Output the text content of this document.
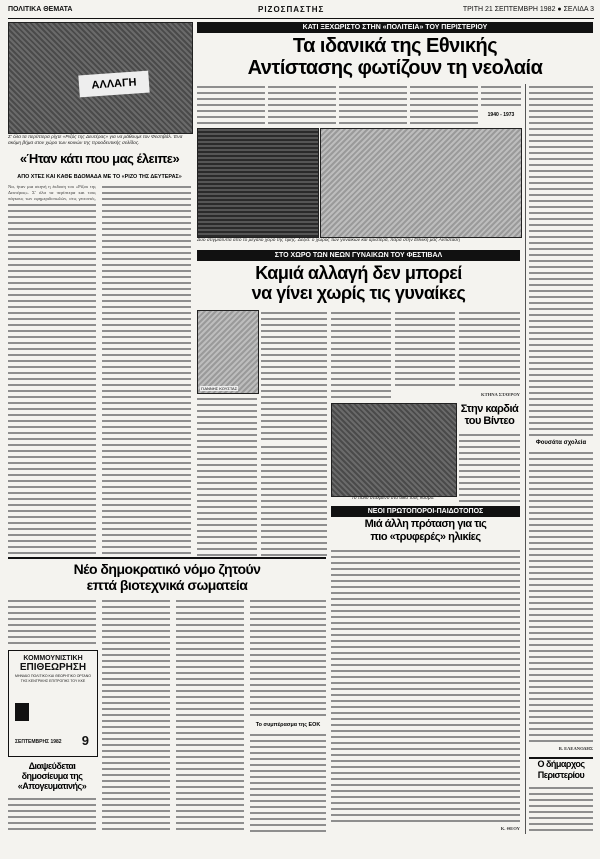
ΠΟΛΙΤΙΚΑ ΘΕΜΑΤΑ	ΡΙΖΟΣΠΑΣΤΗΣ	ΤΡΙΤΗ 21 ΣΕΠΤΕΜΒΡΗ 1982 ● ΣΕΛΙΔΑ 3
ΑΛΛΑΓΗ
Σ' όλα τα περίπτερα ρίχτε «Ριζός της Δευτέρας» για να μάθουμε τον Φεστιβάλ. Ένα ακόμη βήμα στον χώρο των κοινών της προοδευτικής σελίδος.
«Ήταν κάτι που μας έλειπε»
ΑΠΟ ΧΤΕΣ ΚΑΙ ΚΑΘΕ ΒΔΟΜΑΔΑ ΜΕ ΤΟ «ΡΙΖΟ ΤΗΣ ΔΕΥΤΕΡΑΣ»
Να, ήταν μια σκηνή η έκδοση του «Ρίζου της Δευτέρας». Σ' όλα τα περίπτερα και τους πάγκους των εφημεριδοπωλών, στις γειτονιές,
ΚΑΤΙ ΞΕΧΩΡΙΣΤΟ ΣΤΗΝ «ΠΟΛΙΤΕΙΑ» ΤΟΥ ΠΕΡΙΣΤΕΡΙΟΥ
Τα ιδανικά της Εθνικής
Αντίστασης φωτίζουν τη νεολαία
1940 - 1973
Δύο στιγμιότυπα από το μεγάλο χορό της τιμής. Δεξιά: ο χώρος των γυναικών και αριστερά, παρά στην Εθνική μας Αντίσταση
Φουσάτα σχολεία
Β. ΕΛΕΑΝΟΔΗΣ
ΣΤΟ ΧΩΡΟ ΤΩΝ ΝΕΩΝ ΓΥΝΑΙΚΩΝ ΤΟΥ ΦΕΣΤΙΒΑΛ
Καμιά αλλαγή δεν μπορεί
να γίνει χωρίς τις γυναίκες
ΓΙΑΝΝΗΣ ΚΟΥΣΤΑΣ
ΚΤΗΝΑ ΣΤΑΥΡΟΥ
Το πολύ σταλμένο στο δικό τους κόσμο.
Στην καρδιά
του Βίντεο
ΝΕΟΙ ΠΡΩΤΟΠΟΡΟΙ-ΠΑΙΔΟΤΟΠΟΣ
Μιά άλλη πρόταση για τις
πιο «τρυφερές» ηλικίες
Κ. ΘΕΟΥ
Νέο δημοκρατικό νόμο ζητούν
επτά βιοτεχνικά σωματεία
Το συμπέρασμα της ΕΟΚ
ΚΟΜΜΟΥΝΙΣΤΙΚΗ
ΕΠΙΘΕΩΡΗΣΗ
ΜΗΝΙΑΙΟ ΠΟΛΙΤΙΚΟ ΚΑΙ ΘΕΩΡΗΤΙΚΟ ΟΡΓΑΝΟ ΤΗΣ ΚΕΝΤΡΙΚΗΣ ΕΠΙΤΡΟΠΗΣ ΤΟΥ ΚΚΕ
9
ΣΕΠΤΕΜΒΡΗΣ 1982
Διαψεύδεται
δημοσίευμα της
«Απογευματινής»
Ο δήμαρχος
Περιστερίου
